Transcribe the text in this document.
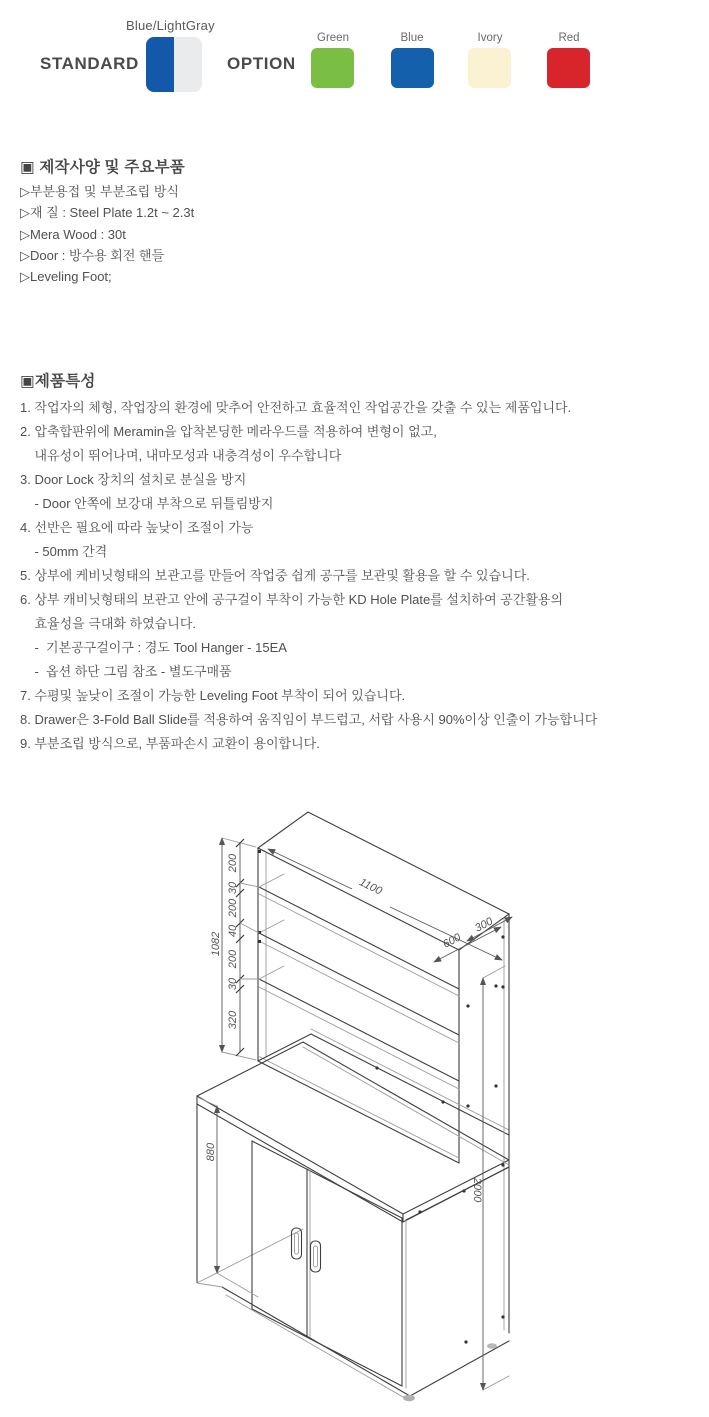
Blue/LightGray
STANDARD	OPTION
Green	Blue	Ivory	Red
▣ 제작사양 및 주요부품
▷부분용접 및 부분조립 방식
▷재 질 : Steel Plate 1.2t ~ 2.3t
▷Mera Wood : 30t
▷Door : 방수용 회전 핸들
▷Leveling Foot;
▣제품특성
1. 작업자의 체형, 작업장의 환경에 맞추어 안전하고 효율적인 작업공간을 갖출 수 있는 제품입니다.
2. 압축합판위에 Meramin을 압착본딩한 메라우드를 적용하여 변형이 없고,
내유성이 뛰어나며, 내마모성과 내충격성이 우수합니다
3. Door Lock 장치의 설치로 분실을 방지
- Door 안쪽에 보강대 부착으로 뒤틀림방지
4. 선반은 필요에 따라 높낮이 조절이 가능
- 50mm 간격
5. 상부에 케비닛형태의 보관고를 만들어 작업중 쉽게 공구를 보관및 활용을 할 수 있습니다.
6. 상부 캐비닛형태의 보관고 안에 공구걸이 부착이 가능한 KD Hole Plate를 설치하여 공간활용의
효율성을 극대화 하였습니다.
-  기본공구걸이구 : 경도 Tool Hanger - 15EA
-  옵션 하단 그림 참조 - 별도구매품
7. 수평및 높낮이 조절이 가능한 Leveling Foot 부착이 되어 있습니다.
8. Drawer은 3-Fold Ball Slide를 적용하여 움직임이 부드럽고, 서랍 사용시 90%이상 인출이 가능합니다
9. 부분조립 방식으로, 부품파손시 교환이 용이합니다.
1100
600
300
1082
200
30
200
40
200
30
320
880
2000
